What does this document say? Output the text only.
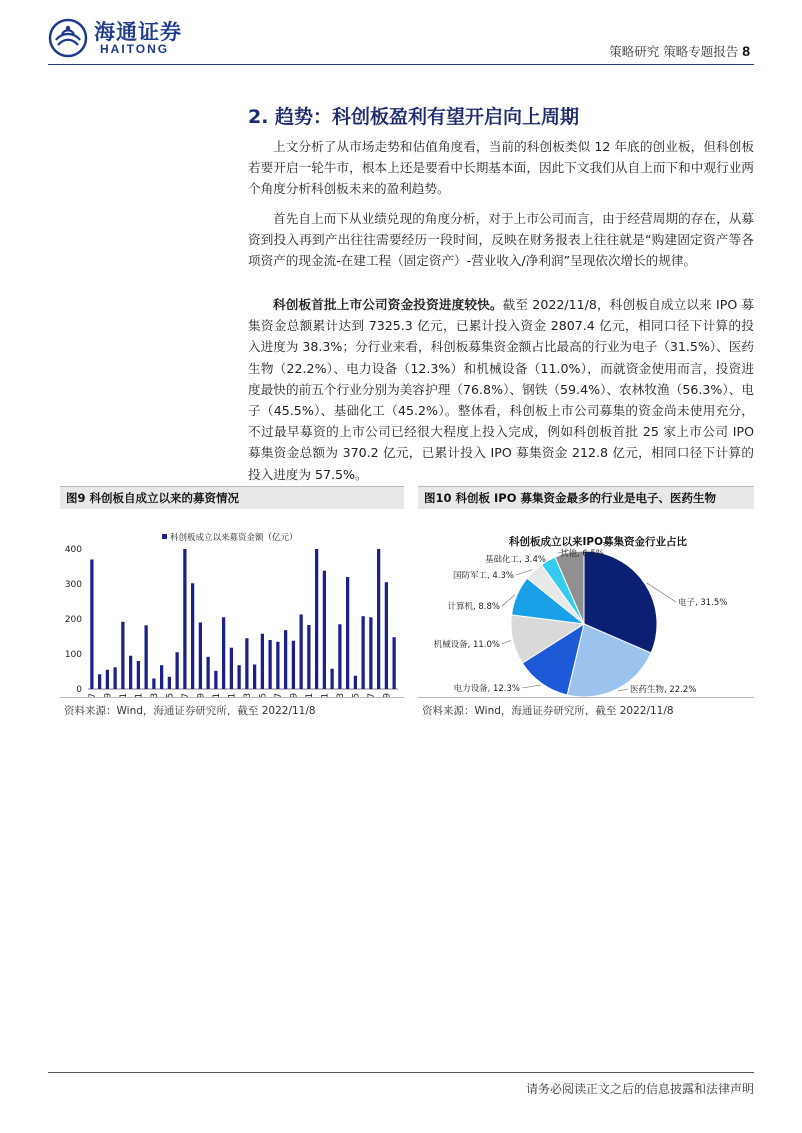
海通证券
HAITONG	策略研究 策略专题报告 8
2. 趋势：科创板盈利有望开启向上周期

上文分析了从市场走势和估值角度看，当前的科创板类似 12 年底的创业板，但科创板若要开启一轮牛市，根本上还是要看中长期基本面，因此下文我们从自上而下和中观行业两个角度分析科创板未来的盈利趋势。

首先自上而下从业绩兑现的角度分析，对于上市公司而言，由于经营周期的存在，从募资到投入再到产出往往需要经历一段时间，反映在财务报表上往往就是“购建固定资产等各项资产的现金流-在建工程（固定资产）-营业收入/净利润”呈现依次增长的规律。

科创板首批上市公司资金投资进度较快。截至 2022/11/8，科创板自成立以来 IPO 募集资金总额累计达到 7325.3 亿元，已累计投入资金 2807.4 亿元，相同口径下计算的投入进度为 38.3%；分行业来看，科创板募集资金额占比最高的行业为电子（31.5%）、医药生物（22.2%）、电力设备（12.3%）和机械设备（11.0%），而就资金使用而言，投资进度最快的前五个行业分别为美容护理（76.8%）、钢铁（59.4%）、农林牧渔（56.3%）、电子（45.5%）、基础化工（45.2%）。整体看，科创板上市公司募集的资金尚未使用充分，不过最早募资的上市公司已经很大程度上投入完成，例如科创板首批 25 家上市公司 IPO 募集资金总额为 370.2 亿元，已累计投入 IPO 募集资金 212.8 亿元，相同口径下计算的投入进度为 57.5%。

图9 科创板自成立以来的募资情况
科创板成立以来募资金额（亿元）
0
100
200
300
400
资料来源：Wind，海通证券研究所，截至 2022/11/8
图10 科创板 IPO 募集资金最多的行业是电子、医药生物
科创板成立以来IPO募集资金行业占比
电子, 31.5%
医药生物, 22.2%
电力设备, 12.3%
机械设备, 11.0%
计算机, 8.8%
国防军工, 4.3%
基础化工, 3.4%
其他, 6.5%
资料来源：Wind，海通证券研究所，截至 2022/11/8
请务必阅读正文之后的信息披露和法律声明
